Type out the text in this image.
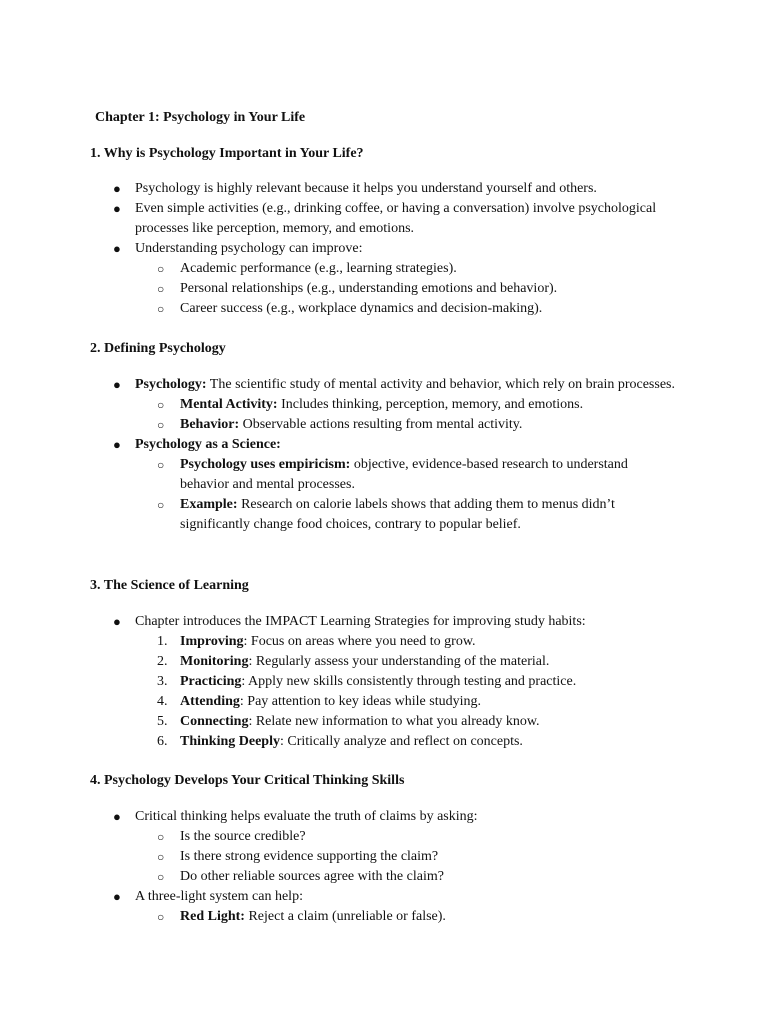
Chapter 1: Psychology in Your Life
1. Why is Psychology Important in Your Life?
● Psychology is highly relevant because it helps you understand yourself and others.
● Even simple activities (e.g., drinking coffee, or having a conversation) involve psychological processes like perception, memory, and emotions.
● Understanding psychology can improve:
○ Academic performance (e.g., learning strategies).
○ Personal relationships (e.g., understanding emotions and behavior).
○ Career success (e.g., workplace dynamics and decision-making).
2. Defining Psychology
● Psychology: The scientific study of mental activity and behavior, which rely on brain processes.
○ Mental Activity: Includes thinking, perception, memory, and emotions.
○ Behavior: Observable actions resulting from mental activity.
● Psychology as a Science:
○ Psychology uses empiricism: objective, evidence-based research to understand behavior and mental processes.
○ Example: Research on calorie labels shows that adding them to menus didn’t significantly change food choices, contrary to popular belief.
3. The Science of Learning
● Chapter introduces the IMPACT Learning Strategies for improving study habits:
1. Improving: Focus on areas where you need to grow.
2. Monitoring: Regularly assess your understanding of the material.
3. Practicing: Apply new skills consistently through testing and practice.
4. Attending: Pay attention to key ideas while studying.
5. Connecting: Relate new information to what you already know.
6. Thinking Deeply: Critically analyze and reflect on concepts.
4. Psychology Develops Your Critical Thinking Skills
● Critical thinking helps evaluate the truth of claims by asking:
○ Is the source credible?
○ Is there strong evidence supporting the claim?
○ Do other reliable sources agree with the claim?
● A three-light system can help:
○ Red Light: Reject a claim (unreliable or false).
